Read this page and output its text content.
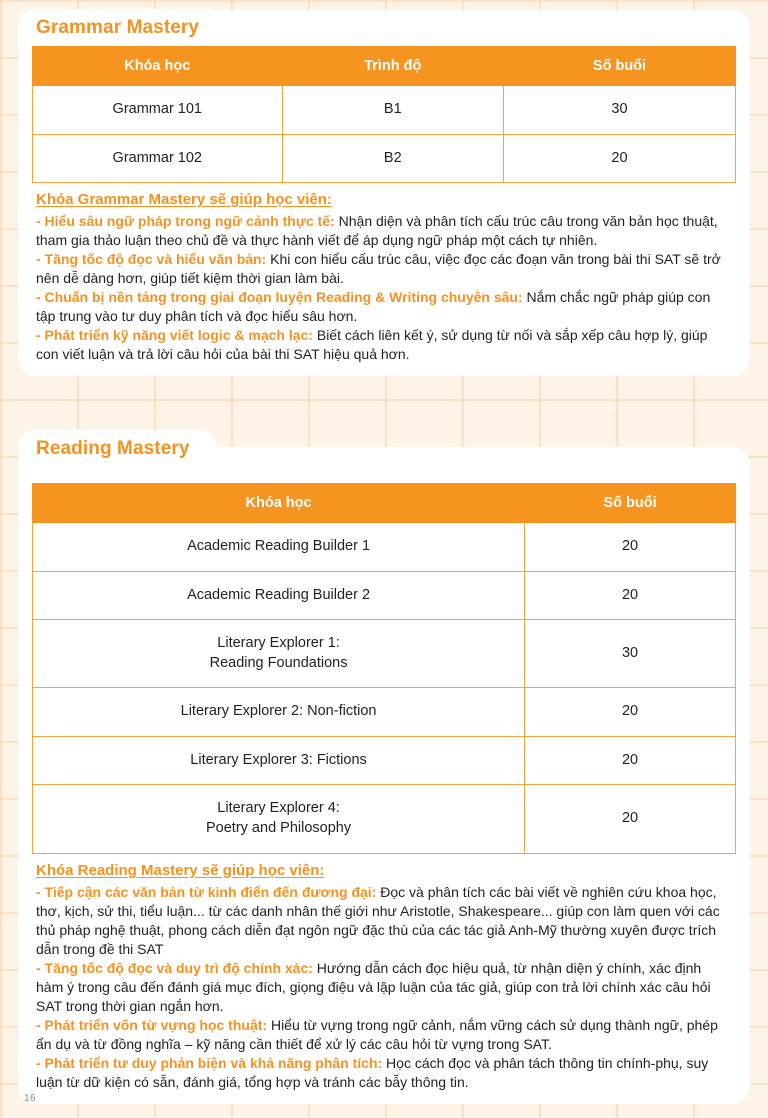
Khóa học	Trình độ	Số buổi
Grammar 101	B1	30
Grammar 102	B2	20
Khóa Grammar Mastery sẽ giúp học viên:

- Hiểu sâu ngữ pháp trong ngữ cảnh thực tế: Nhận diện và phân tích cấu trúc câu trong văn bản học thuật, tham gia thảo luận theo chủ đề và thực hành viết để áp dụng ngữ pháp một cách tự nhiên.

- Tăng tốc độ đọc và hiểu văn bản: Khi con hiểu cấu trúc câu, việc đọc các đoạn văn trong bài thi SAT sẽ trở nên dễ dàng hơn, giúp tiết kiệm thời gian làm bài.

- Chuẩn bị nền tảng trong giai đoạn luyện Reading & Writing chuyên sâu: Nắm chắc ngữ pháp giúp con tập trung vào tư duy phân tích và đọc hiểu sâu hơn.

- Phát triển kỹ năng viết logic & mạch lạc: Biết cách liên kết ý, sử dụng từ nối và sắp xếp câu hợp lý, giúp con viết luận và trả lời câu hỏi của bài thi SAT hiệu quả hơn.

Grammar Mastery
Khóa học	Số buổi

Academic Reading Builder 1	20

Academic Reading Builder 2	20

Literary Explorer 1:
Reading Foundations	30

Literary Explorer 2: Non-fiction	20

Literary Explorer 3: Fictions	20

Literary Explorer 4:
Poetry and Philosophy	20
Khóa Reading Mastery sẽ giúp học viên:

- Tiếp cận các văn bản từ kinh điển đến đương đại: Đọc và phân tích các bài viết về nghiên cứu khoa học, thơ, kịch, sử thi, tiểu luận... từ các danh nhân thế giới như Aristotle, Shakespeare... giúp con làm quen với các thủ pháp nghệ thuật, phong cách diễn đạt ngôn ngữ đặc thù của các tác giả Anh-Mỹ thường xuyên được trích dẫn trong đề thi SAT

- Tăng tốc độ đọc và duy trì độ chính xác: Hướng dẫn cách đọc hiệu quả, từ nhận diện ý chính, xác định hàm ý trong câu đến đánh giá mục đích, giọng điệu và lập luận của tác giả, giúp con trả lời chính xác câu hỏi SAT trong thời gian ngắn hơn.

- Phát triển vốn từ vựng học thuật: Hiểu từ vựng trong ngữ cảnh, nắm vững cách sử dụng thành ngữ, phép ẩn dụ và từ đồng nghĩa – kỹ năng cần thiết để xử lý các câu hỏi từ vựng trong SAT.

- Phát triển tư duy phản biện và khả năng phân tích: Học cách đọc và phân tách thông tin chính-phụ, suy luận từ dữ kiện có sẵn, đánh giá, tổng hợp và tránh các bẫy thông tin.

Reading Mastery
16
